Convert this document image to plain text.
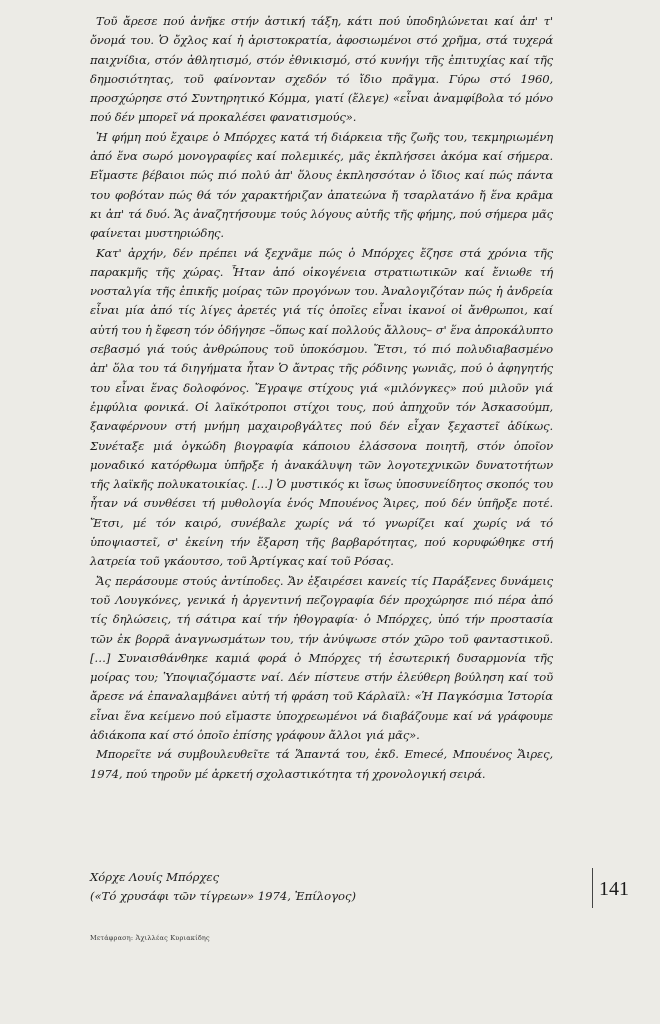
Τοῦ ἄρεσε πού ἀνῆκε στήν ἀστική τάξη, κάτι πού ὑποδηλώνεται καί ἀπ' τ' ὄνομά του. Ὁ ὄχλος καί ἡ ἀριστοκρατία, ἀφοσιωμένοι στό χρῆμα, στά τυχερά παιχνίδια, στόν ἀθλητισμό, στόν ἐθνικισμό, στό κυνήγι τῆς ἐπιτυχίας καί τῆς δημοσιότητας, τοῦ φαίνονταν σχεδόν τό ἴδιο πρᾶγμα. Γύρω στό 1960, προσχώρησε στό Συντηρητικό Κόμμα, γιατί (ἔλεγε) «εἶναι ἀναμφίβολα τό μόνο πού δέν μπορεῖ νά προκαλέσει φανατισμούς».

Ἡ φήμη πού ἔχαιρε ὁ Μπόρχες κατά τή διάρκεια τῆς ζωῆς του, τεκμηριωμένη ἀπό ἕνα σωρό μονογραφίες καί πολεμικές, μᾶς ἐκπλήσσει ἀκόμα καί σήμερα. Εἴμαστε βέβαιοι πώς πιό πολύ ἀπ' ὅλους ἐκπλησσόταν ὁ ἴδιος καί πώς πάντα του φοβόταν πώς θά τόν χαρακτήριζαν ἀπατεώνα ἤ τσαρλατάνο ἤ ἕνα κρᾶμα κι ἀπ' τά δυό. Ἄς ἀναζητήσουμε τούς λόγους αὐτῆς τῆς φήμης, πού σήμερα μᾶς φαίνεται μυστηριώδης.

Κατ' ἀρχήν, δέν πρέπει νά ξεχνᾶμε πώς ὁ Μπόρχες ἔζησε στά χρόνια τῆς παρακμῆς τῆς χώρας. Ἦταν ἀπό οἰκογένεια στρατιωτικῶν καί ἔνιωθε τή νοσταλγία τῆς ἐπικῆς μοίρας τῶν προγόνων του. Ἀναλογιζόταν πώς ἡ ἀνδρεία εἶναι μία ἀπό τίς λίγες ἀρετές γιά τίς ὁποῖες εἶναι ἱκανοί οἱ ἄνθρωποι, καί αὐτή του ἡ ἔφεση τόν ὁδήγησε –ὅπως καί πολλούς ἄλλους– σ' ἕνα ἀπροκάλυπτο σεβασμό γιά τούς ἀνθρώπους τοῦ ὑποκόσμου. Ἔτσι, τό πιό πολυδιαβασμένο ἀπ' ὅλα του τά διηγήματα ἦταν Ὁ ἄντρας τῆς ρόδινης γωνιᾶς, πού ὁ ἀφηγητής του εἶναι ἕνας δολοφόνος. Ἔγραψε στίχους γιά «μιλόνγκες» πού μιλοῦν γιά ἐμφύλια φονικά. Οἱ λαϊκότροποι στίχοι τους, πού ἀπηχοῦν τόν Ἀσκασούμπ, ξαναφέρνουν στή μνήμη μαχαιροβγάλτες πού δέν εἶχαν ξεχαστεῖ ἀδίκως. Συνέταξε μιά ὀγκώδη βιογραφία κάποιου ἐλάσσονα ποιητῆ, στόν ὁποῖον μοναδικό κατόρθωμα ὑπῆρξε ἡ ἀνακάλυψη τῶν λογοτεχνικῶν δυνατοτήτων τῆς λαϊκῆς πολυκατοικίας. […] Ὁ μυστικός κι ἴσως ὑποσυνείδητος σκοπός του ἦταν νά συνθέσει τή μυθολογία ἑνός Μπουένος Ἄιρες, πού δέν ὑπῆρξε ποτέ. Ἔτσι, μέ τόν καιρό, συνέβαλε χωρίς νά τό γνωρίζει καί χωρίς νά τό ὑποψιαστεῖ, σ' ἐκείνη τήν ἔξαρση τῆς βαρβαρότητας, πού κορυφώθηκε στή λατρεία τοῦ γκάουτσο, τοῦ Ἀρτίγκας καί τοῦ Ρόσας.

Ἄς περάσουμε στούς ἀντίποδες. Ἄν ἐξαιρέσει κανείς τίς Παράξενες δυνάμεις τοῦ Λουγκόνες, γενικά ἡ ἀργεντινή πεζογραφία δέν προχώρησε πιό πέρα ἀπό τίς δηλώσεις, τή σάτιρα καί τήν ἠθογραφία· ὁ Μπόρχες, ὑπό τήν προστασία τῶν ἐκ βορρᾶ ἀναγνωσμάτων του, τήν ἀνύψωσε στόν χῶρο τοῦ φανταστικοῦ. […] Συναισθάνθηκε καμιά φορά ὁ Μπόρχες τή ἐσωτερική δυσαρμονία τῆς μοίρας του; Ὑποψιαζόμαστε ναί. Δέν πίστευε στήν ἐλεύθερη βούληση καί τοῦ ἄρεσε νά ἐπαναλαμβάνει αὐτή τή φράση τοῦ Κάρλαϊλ: «Ἡ Παγκόσμια Ἱστορία εἶναι ἕνα κείμενο πού εἴμαστε ὑποχρεωμένοι νά διαβάζουμε καί νά γράφουμε ἀδιάκοπα καί στό ὁποῖο ἐπίσης γράφουν ἄλλοι γιά μᾶς».

Μπορεῖτε νά συμβουλευθεῖτε τά Ἅπαντά του, ἐκδ. Emecé, Μπουένος Ἄιρες, 1974, πού τηροῦν μέ ἀρκετή σχολαστικότητα τή χρονολογική σειρά.

Χόρχε Λουίς Μπόρχες
(«Τό χρυσάφι τῶν τίγρεων» 1974, Ἐπίλογος)	141
Μετάφραση: Ἀχιλλέας Κυριακίδης
